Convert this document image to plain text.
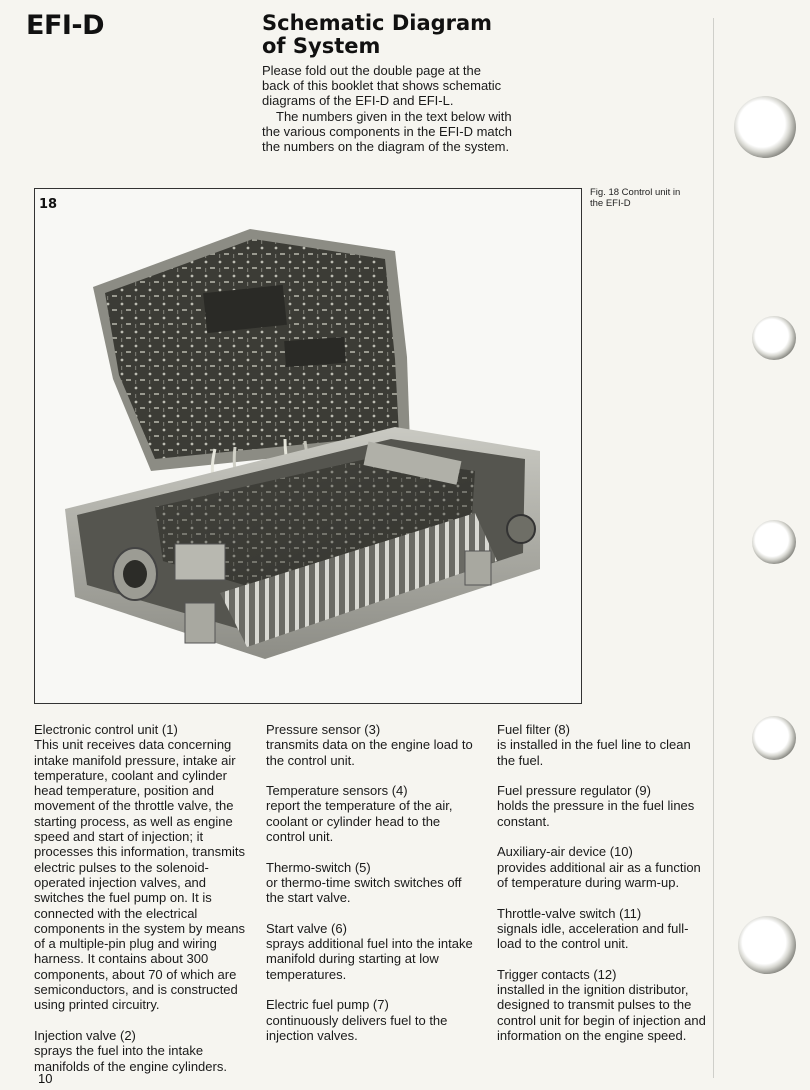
EFI-D	Schematic Diagram
of System

Please fold out the double page at the back of this booklet that shows schematic diagrams of the EFI-D and EFI-L.

The numbers given in the text below with the various components in the EFI-D match the numbers on the diagram of the system.

18
Fig. 18 Control unit in the EFI-D
Electronic control unit (1)
This unit receives data concerning intake manifold pressure, intake air temperature, coolant and cylinder head temperature, position and movement of the throttle valve, the starting process, as well as engine speed and start of injection; it processes this information, transmits electric pulses to the solenoid-operated injection valves, and switches the fuel pump on. It is connected with the electrical components in the system by means of a multiple-pin plug and wiring harness. It contains about 300 components, about 70 of which are semiconductors, and is constructed using printed circuitry.
Injection valve (2)
sprays the fuel into the intake manifolds of the engine cylinders.
Pressure sensor (3)
transmits data on the engine load to the control unit.
Temperature sensors (4)
report the temperature of the air, coolant or cylinder head to the control unit.
Thermo-switch (5)
or thermo-time switch switches off the start valve.
Start valve (6)
sprays additional fuel into the intake manifold during starting at low temperatures.
Electric fuel pump (7)
continuously delivers fuel to the injection valves.
Fuel filter (8)
is installed in the fuel line to clean the fuel.
Fuel pressure regulator (9)
holds the pressure in the fuel lines constant.
Auxiliary-air device (10)
provides additional air as a function of temperature during warm-up.
Throttle-valve switch (11)
signals idle, acceleration and full-load to the control unit.
Trigger contacts (12)
installed in the ignition distributor, designed to transmit pulses to the control unit for begin of injection and information on the engine speed.
10
